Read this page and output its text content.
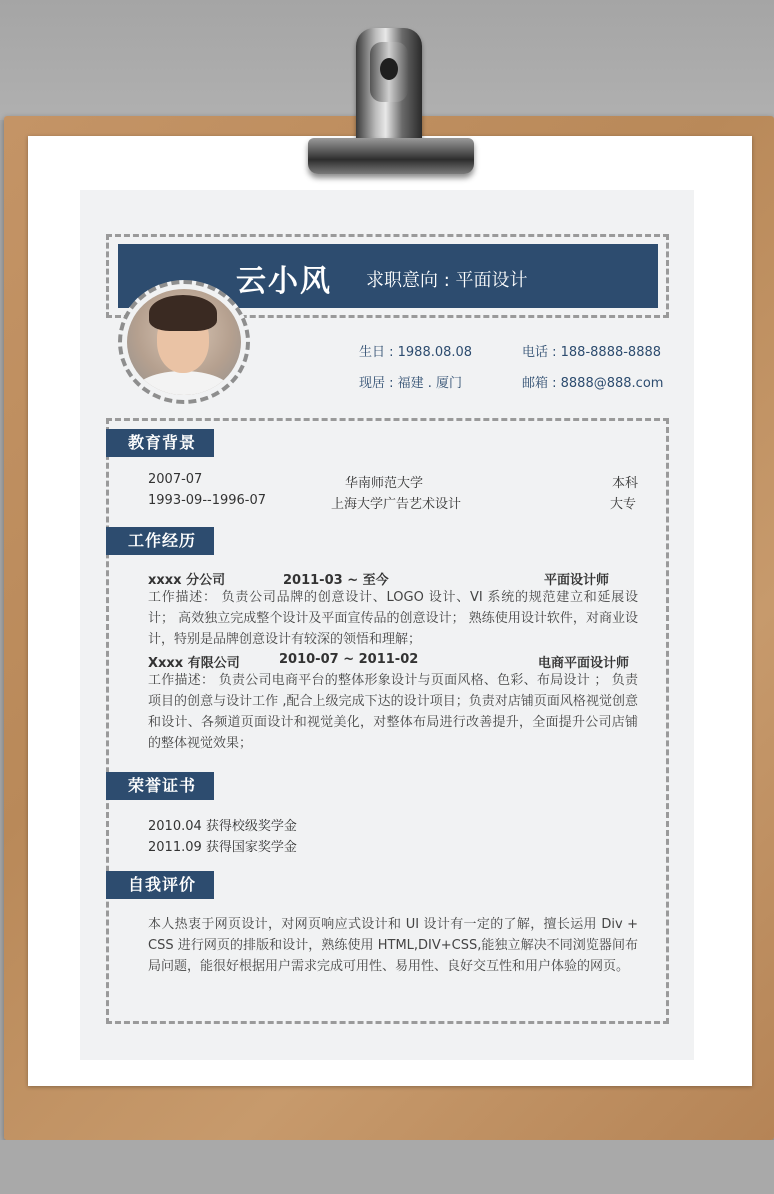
云小风 求职意向 : 平面设计
生日 : 1988.08.08	电话 : 188-8888-8888
现居 : 福建 . 厦门	邮箱 : 8888@888.com
教育背景
2007-07	华南师范大学	本科
1993-09--1996-07	上海大学广告艺术设计	大专
工作经历
xxxx 分公司	2011-03 ~ 至今	平面设计师
工作描述： 负责公司品牌的创意设计、LOGO 设计、VI 系统的规范建立和延展设计； 高效独立完成整个设计及平面宣传品的创意设计； 熟练使用设计软件，对商业设计，特别是品牌创意设计有较深的领悟和理解；
Xxxx 有限公司	2010-07 ~ 2011-02	电商平面设计师
工作描述： 负责公司电商平台的整体形象设计与页面风格、色彩、布局设计 ； 负责项目的创意与设计工作 ,配合上级完成下达的设计项目；负责对店铺页面风格视觉创意和设计、各频道页面设计和视觉美化，对整体布局进行改善提升，全面提升公司店铺的整体视觉效果；
荣誉证书
2010.04 获得校级奖学金
2011.09 获得国家奖学金
自我评价
本人热衷于网页设计，对网页响应式设计和 UI 设计有一定的了解，擅长运用 Div + CSS 进行网页的排版和设计，熟练使用 HTML,DIV+CSS,能独立解决不同浏览器间布局问题，能很好根据用户需求完成可用性、易用性、良好交互性和用户体验的网页。
